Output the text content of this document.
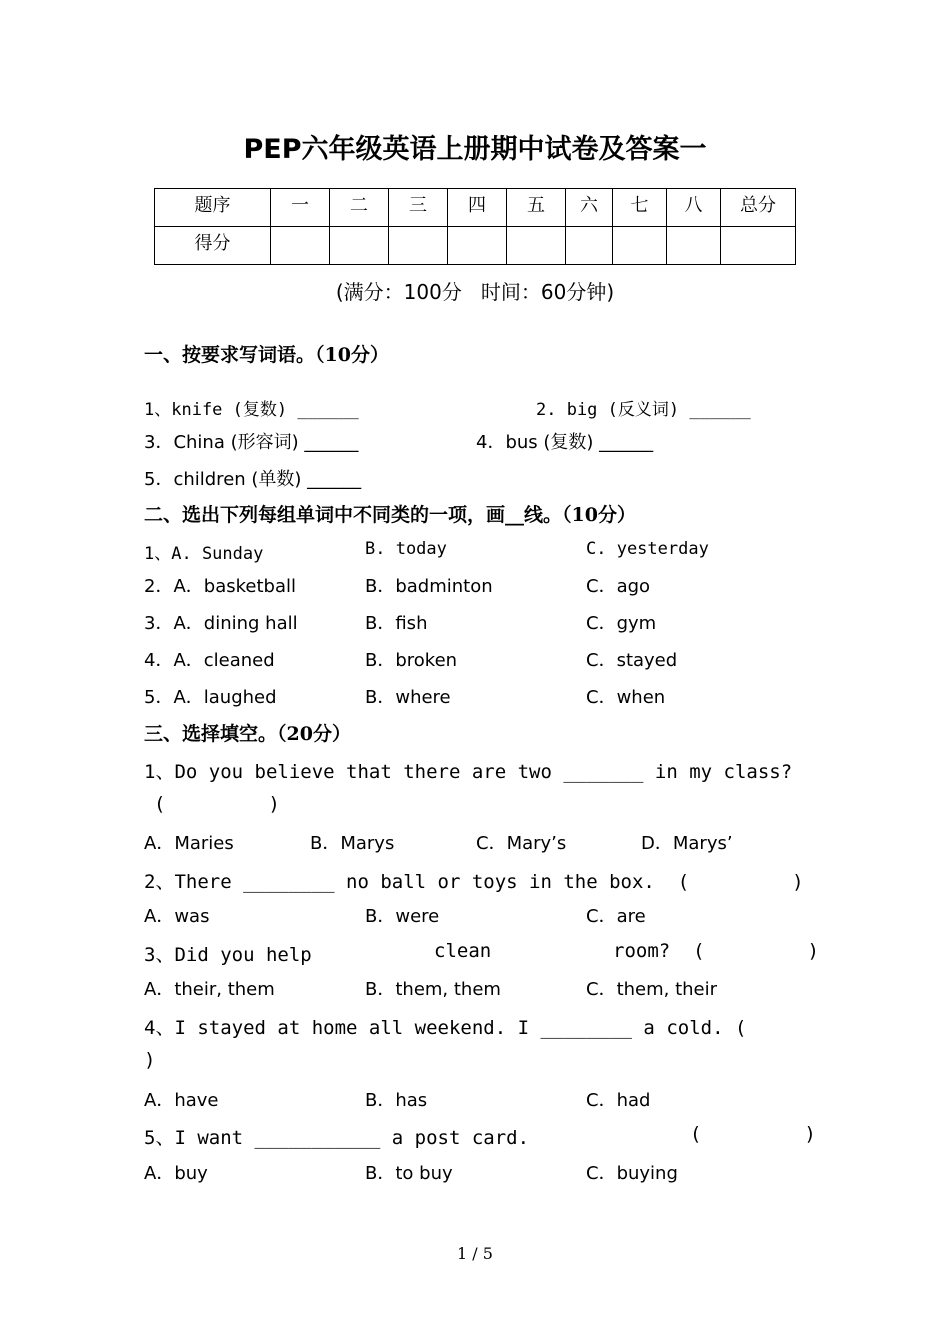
PEP六年级英语上册期中试卷及答案一
题序	一	二	三	四	五	六	七	八	总分
得分									
(满分：100分   时间：60分钟)
一、按要求写词语。（10分）
1、knife (复数) ______	2. big (反义词) ______
3．China (形容词) ______	4．bus (复数) ______
5．children (单数) ______
二、选出下列每组单词中不同类的一项，画__线。（10分）
1、A. Sunday	B. today	C. yesterday
2．A．basketball	B．badminton	C．ago
3．A．dining hall	B．fish	C．gym
4．A．cleaned	B．broken	C．stayed
5．A．laughed	B．where	C．when
三、选择填空。（20分）
1、Do you believe that there are two _______ in my class?
(         )
A．Maries	B．Marys	C．Mary’s	D．Marys’
2、There ________ no ball or toys in the box.  (         )
A．was	B．were	C．are
3、Did you help	clean	room?  (         )
A．their, them	B．them, them	C．them, their
4、I stayed at home all weekend. I ________ a cold. (
)
A．have	B．has	C．had
5、I want ___________ a post card.	(         )
A．buy	B．to buy	C．buying
1 / 5
